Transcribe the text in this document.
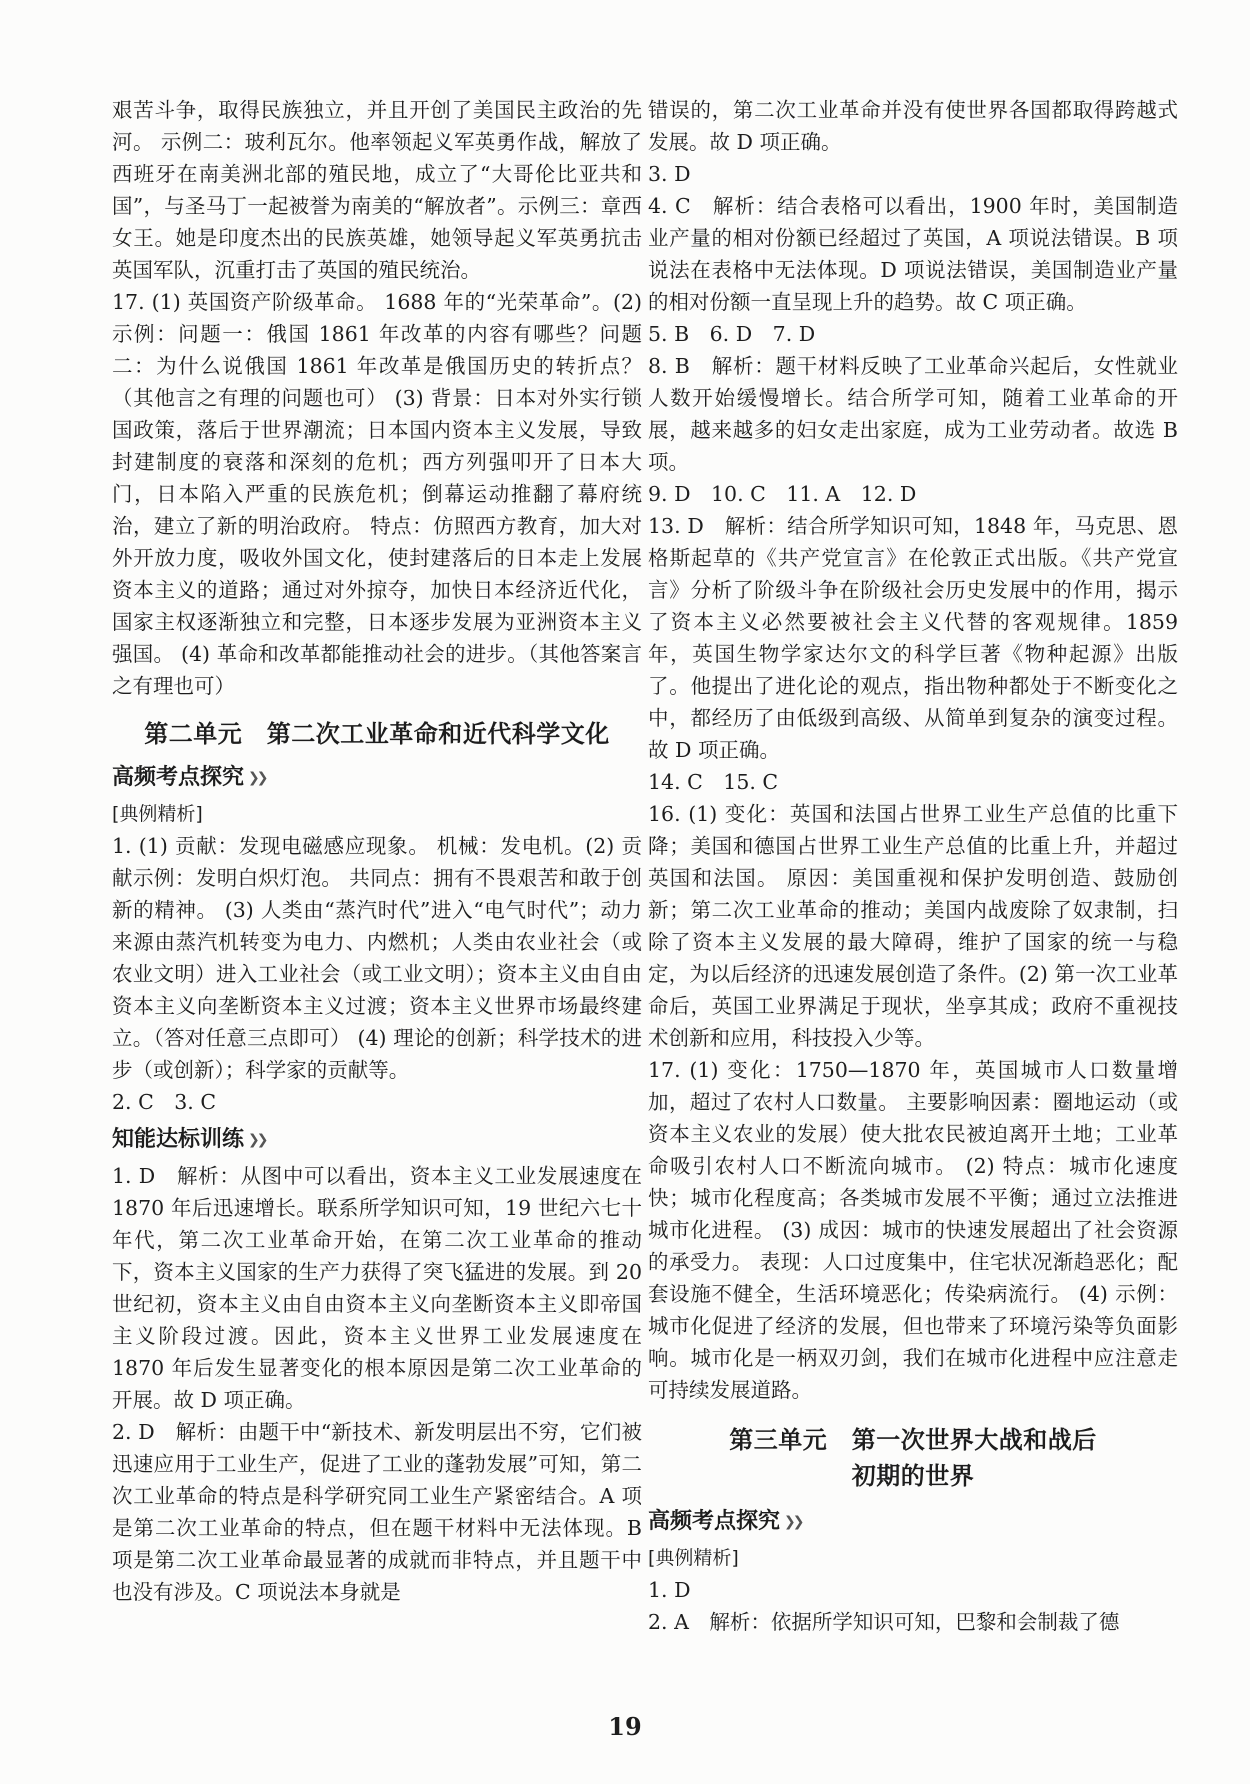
艰苦斗争，取得民族独立，并且开创了美国民主政治的先河。 示例二：玻利瓦尔。他率领起义军英勇作战，解放了西班牙在南美洲北部的殖民地，成立了“大哥伦比亚共和国”，与圣马丁一起被誉为南美的“解放者”。示例三：章西女王。她是印度杰出的民族英雄，她领导起义军英勇抗击英国军队，沉重打击了英国的殖民统治。

17. (1) 英国资产阶级革命。 1688 年的“光荣革命”。(2) 示例：问题一：俄国 1861 年改革的内容有哪些？问题二：为什么说俄国 1861 年改革是俄国历史的转折点？（其他言之有理的问题也可） (3) 背景：日本对外实行锁国政策，落后于世界潮流；日本国内资本主义发展，导致封建制度的衰落和深刻的危机；西方列强叩开了日本大门，日本陷入严重的民族危机；倒幕运动推翻了幕府统治，建立了新的明治政府。 特点：仿照西方教育，加大对外开放力度，吸收外国文化，使封建落后的日本走上发展资本主义的道路；通过对外掠夺，加快日本经济近代化，国家主权逐渐独立和完整，日本逐步发展为亚洲资本主义强国。 (4) 革命和改革都能推动社会的进步。（其他答案言之有理也可）

第二单元　第二次工业革命和近代科学文化
高频考点探究 ❯❯

[典例精析]

1. (1) 贡献：发现电磁感应现象。 机械：发电机。(2) 贡献示例：发明白炽灯泡。 共同点：拥有不畏艰苦和敢于创新的精神。 (3) 人类由“蒸汽时代”进入“电气时代”；动力来源由蒸汽机转变为电力、内燃机；人类由农业社会（或农业文明）进入工业社会（或工业文明）；资本主义由自由资本主义向垄断资本主义过渡；资本主义世界市场最终建立。（答对任意三点即可） (4) 理论的创新；科学技术的进步（或创新）；科学家的贡献等。

2. C　3. C

知能达标训练 ❯❯

1. D　解析：从图中可以看出，资本主义工业发展速度在 1870 年后迅速增长。联系所学知识可知，19 世纪六七十年代，第二次工业革命开始，在第二次工业革命的推动下，资本主义国家的生产力获得了突飞猛进的发展。到 20 世纪初，资本主义由自由资本主义向垄断资本主义即帝国主义阶段过渡。因此，资本主义世界工业发展速度在 1870 年后发生显著变化的根本原因是第二次工业革命的开展。故 D 项正确。

2. D　解析：由题干中“新技术、新发明层出不穷，它们被迅速应用于工业生产，促进了工业的蓬勃发展”可知，第二次工业革命的特点是科学研究同工业生产紧密结合。A 项是第二次工业革命的特点，但在题干材料中无法体现。B 项是第二次工业革命最显著的成就而非特点，并且题干中也没有涉及。C 项说法本身就是

错误的，第二次工业革命并没有使世界各国都取得跨越式发展。故 D 项正确。

3. D

4. C　解析：结合表格可以看出，1900 年时，美国制造业产量的相对份额已经超过了英国，A 项说法错误。B 项说法在表格中无法体现。D 项说法错误，美国制造业产量的相对份额一直呈现上升的趋势。故 C 项正确。

5. B　6. D　7. D

8. B　解析：题干材料反映了工业革命兴起后，女性就业人数开始缓慢增长。结合所学可知，随着工业革命的开展，越来越多的妇女走出家庭，成为工业劳动者。故选 B 项。

9. D　10. C　11. A　12. D

13. D　解析：结合所学知识可知，1848 年，马克思、恩格斯起草的《共产党宣言》在伦敦正式出版。《共产党宣言》分析了阶级斗争在阶级社会历史发展中的作用，揭示了资本主义必然要被社会主义代替的客观规律。1859 年，英国生物学家达尔文的科学巨著《物种起源》出版了。他提出了进化论的观点，指出物种都处于不断变化之中，都经历了由低级到高级、从简单到复杂的演变过程。故 D 项正确。

14. C　15. C

16. (1) 变化：英国和法国占世界工业生产总值的比重下降；美国和德国占世界工业生产总值的比重上升，并超过英国和法国。 原因：美国重视和保护发明创造、鼓励创新；第二次工业革命的推动；美国内战废除了奴隶制，扫除了资本主义发展的最大障碍，维护了国家的统一与稳定，为以后经济的迅速发展创造了条件。(2) 第一次工业革命后，英国工业界满足于现状，坐享其成；政府不重视技术创新和应用，科技投入少等。

17. (1) 变化：1750—1870 年，英国城市人口数量增加，超过了农村人口数量。 主要影响因素：圈地运动（或资本主义农业的发展）使大批农民被迫离开土地；工业革命吸引农村人口不断流向城市。 (2) 特点：城市化速度快；城市化程度高；各类城市发展不平衡；通过立法推进城市化进程。 (3) 成因：城市的快速发展超出了社会资源的承受力。 表现：人口过度集中，住宅状况渐趋恶化；配套设施不健全，生活环境恶化；传染病流行。 (4) 示例：城市化促进了经济的发展，但也带来了环境污染等负面影响。城市化是一柄双刃剑，我们在城市化进程中应注意走可持续发展道路。

第三单元　第一次世界大战和战后
初期的世界
高频考点探究 ❯❯

[典例精析]

1. D

2. A　解析：依据所学知识可知，巴黎和会制裁了德

19
